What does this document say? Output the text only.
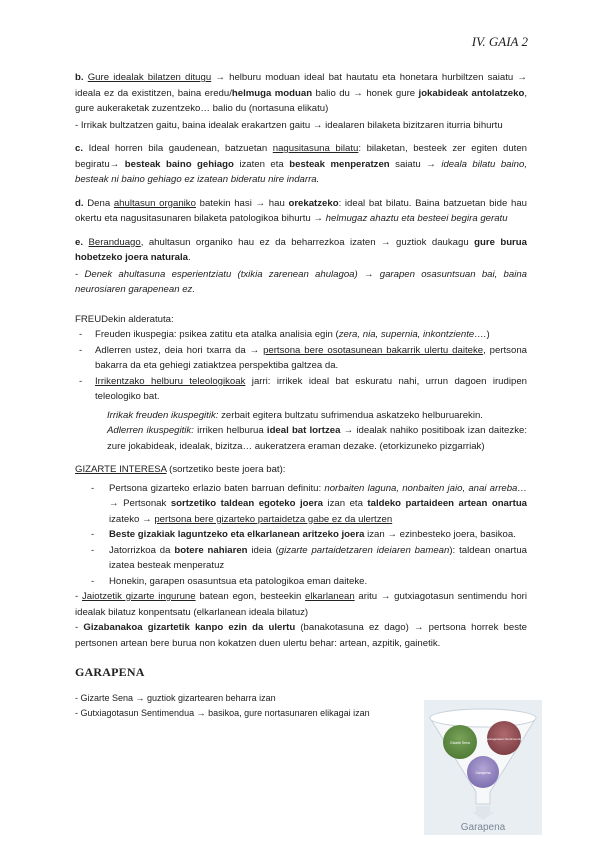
IV. GAIA 2

b. Gure idealak bilatzen ditugu → helburu moduan ideal bat hautatu eta honetara hurbiltzen saiatu → ideala ez da existitzen, baina eredu/helmuga moduan balio du → honek gure jokabideak antolatzeko, gure aukeraketak zuzentzeko… balio du (nortasuna elikatu)

- Irrikak bultzatzen gaitu, baina idealak erakartzen gaitu → idealaren bilaketa bizitzaren iturria bihurtu

c. Ideal horren bila gaudenean, batzuetan nagusitasuna bilatu: bilaketan, besteek zer egiten duten begiratu→ besteak baino gehiago izaten eta besteak menperatzen saiatu → ideala bilatu baino, besteak ni baino gehiago ez izatean bideratu nire indarra.

d. Dena ahultasun organiko batekin hasi → hau orekatzeko: ideal bat bilatu. Baina batzuetan bide hau okertu eta nagusitasunaren bilaketa patologikoa bihurtu → helmugaz ahaztu eta besteei begira geratu

e. Beranduago, ahultasun organiko hau ez da beharrezkoa izaten → guztiok daukagu gure burua hobetzeko joera naturala.

- Denek ahultasuna esperientziatu (txikia zarenean ahulagoa) → garapen osasuntsuan bai, baina neurosiaren garapenean ez.

FREUDekin alderatuta:

- Freuden ikuspegia: psikea zatitu eta atalka analisia egin (zera, nia, supernia, inkontziente….)

- Adlerren ustez, deia hori txarra da → pertsona bere osotasunean bakarrik ulertu daiteke, pertsona bakarra da eta gehiegi zatiaktzea perspektiba galtzea da.

- Irrikentzako helburu teleologikoak jarri: irrikek ideal bat eskuratu nahi, urrun dagoen irudipen teleologiko bat.

Irrikak freuden ikuspegitik: zerbait egitera bultzatu sufrimendua askatzeko helburuarekin.

Adlerren ikuspegitik: irriken helburua ideal bat lortzea → idealak nahiko positiboak izan daitezke: zure jokabideak, idealak, bizitza… aukeratzera eraman dezake. (etorkizuneko pizgarriak)

GIZARTE INTERESA (sortzetiko beste joera bat):

- Pertsona gizarteko erlazio baten barruan definitu: norbaiten laguna, nonbaiten jaio, anai arreba… → Pertsonak sortzetiko taldean egoteko joera izan eta taldeko partaideen artean onartua izateko → pertsona bere gizarteko partaidetza gabe ez da ulertzen

- Beste gizakiak laguntzeko eta elkarlanean aritzeko joera izan → ezinbesteko joera, basikoa.

- Jatorrizkoa da botere nahiaren ideia (gizarte partaidetzaren ideiaren bamean): taldean onartua izatea besteak menperatuz

- Honekin, garapen osasuntsua eta patologikoa eman daiteke.

- Jaiotzetik gizarte ingurune batean egon, besteekin elkarlanean aritu → gutxiagotasun sentimendu hori idealak bilatuz konpentsatu (elkarlanean ideala bilatuz)

- Gizabanakoa gizartetik kanpo ezin da ulertu (banakotasuna ez dago) → pertsona horrek beste pertsonen artean bere burua non kokatzen duen ulertu behar: artean, azpitik, gainetik.

GARAPENA

- Gizarte Sena → guztiok gizartearen beharra izan

- Gutxiagotasun Sentimendua → basikoa, gure nortasunaren elikagai izan

Gizarte Sena
Gutxiagotasun Sentimendua
Garapena
Garapena
